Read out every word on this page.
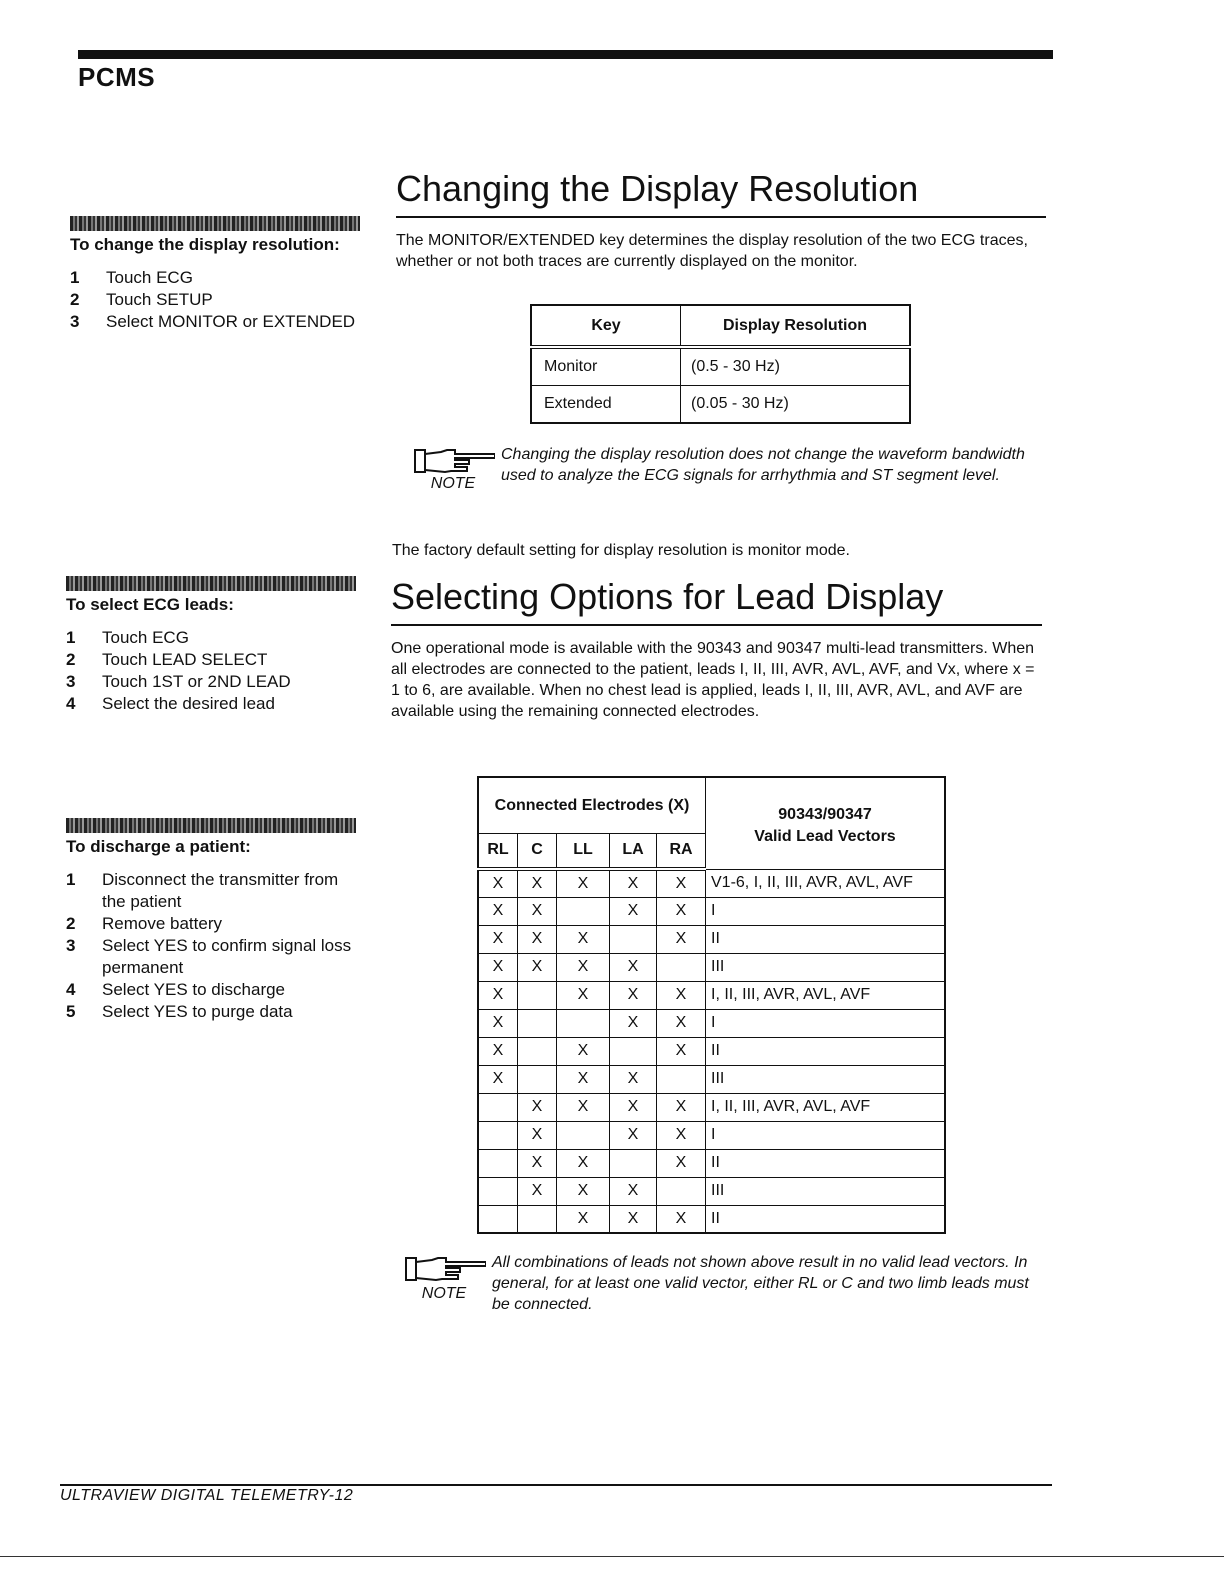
PCMS
To change the display resolution:
1	Touch ECG
2	Touch SETUP
3	Select MONITOR or EXTENDED
To select ECG leads:
1	Touch ECG
2	Touch LEAD SELECT
3	Touch 1ST or 2ND LEAD
4	Select the desired lead
To discharge a patient:
1	Disconnect the transmitter from the patient
2	Remove battery
3	Select YES to confirm signal loss permanent
4	Select YES to discharge
5	Select YES to purge data
Changing the Display Resolution
The MONITOR/EXTENDED key determines the display resolution of the two ECG traces, whether or not both traces are currently displayed on the monitor.
Key	Display Resolution
Monitor	(0.5 - 30 Hz)
Extended	(0.05 - 30 Hz)
NOTE
Changing the display resolution does not change the waveform bandwidth used to analyze the ECG signals for arrhythmia and ST segment level.
The factory default setting for display resolution is monitor mode.
Selecting Options for Lead Display
One operational mode is available with the 90343 and 90347 multi-lead transmitters. When all electrodes are connected to the patient, leads I, II, III, AVR, AVL, AVF, and Vx, where x = 1 to 6, are available. When no chest lead is applied, leads I, II, III, AVR, AVL, and AVF are available using the remaining connected electrodes.
Connected Electrodes (X)					90343/90347
Valid Lead Vectors

RL	C	LL	LA	RA	
X	X	X	X	X	V1-6, I, II, III, AVR, AVL, AVF
X	X		X	X	I
X	X	X		X	II
X	X	X	X		III
X		X	X	X	I, II, III, AVR, AVL, AVF
X			X	X	I
X		X		X	II
X		X	X		III
	X	X	X	X	I, II, III, AVR, AVL, AVF
	X		X	X	I
	X	X		X	II
	X	X	X		III
		X	X	X	II
NOTE
All combinations of leads not shown above result in no valid lead vectors. In general, for at least one valid vector, either RL or C and two limb leads must be connected.
ULTRAVIEW DIGITAL TELEMETRY-12
